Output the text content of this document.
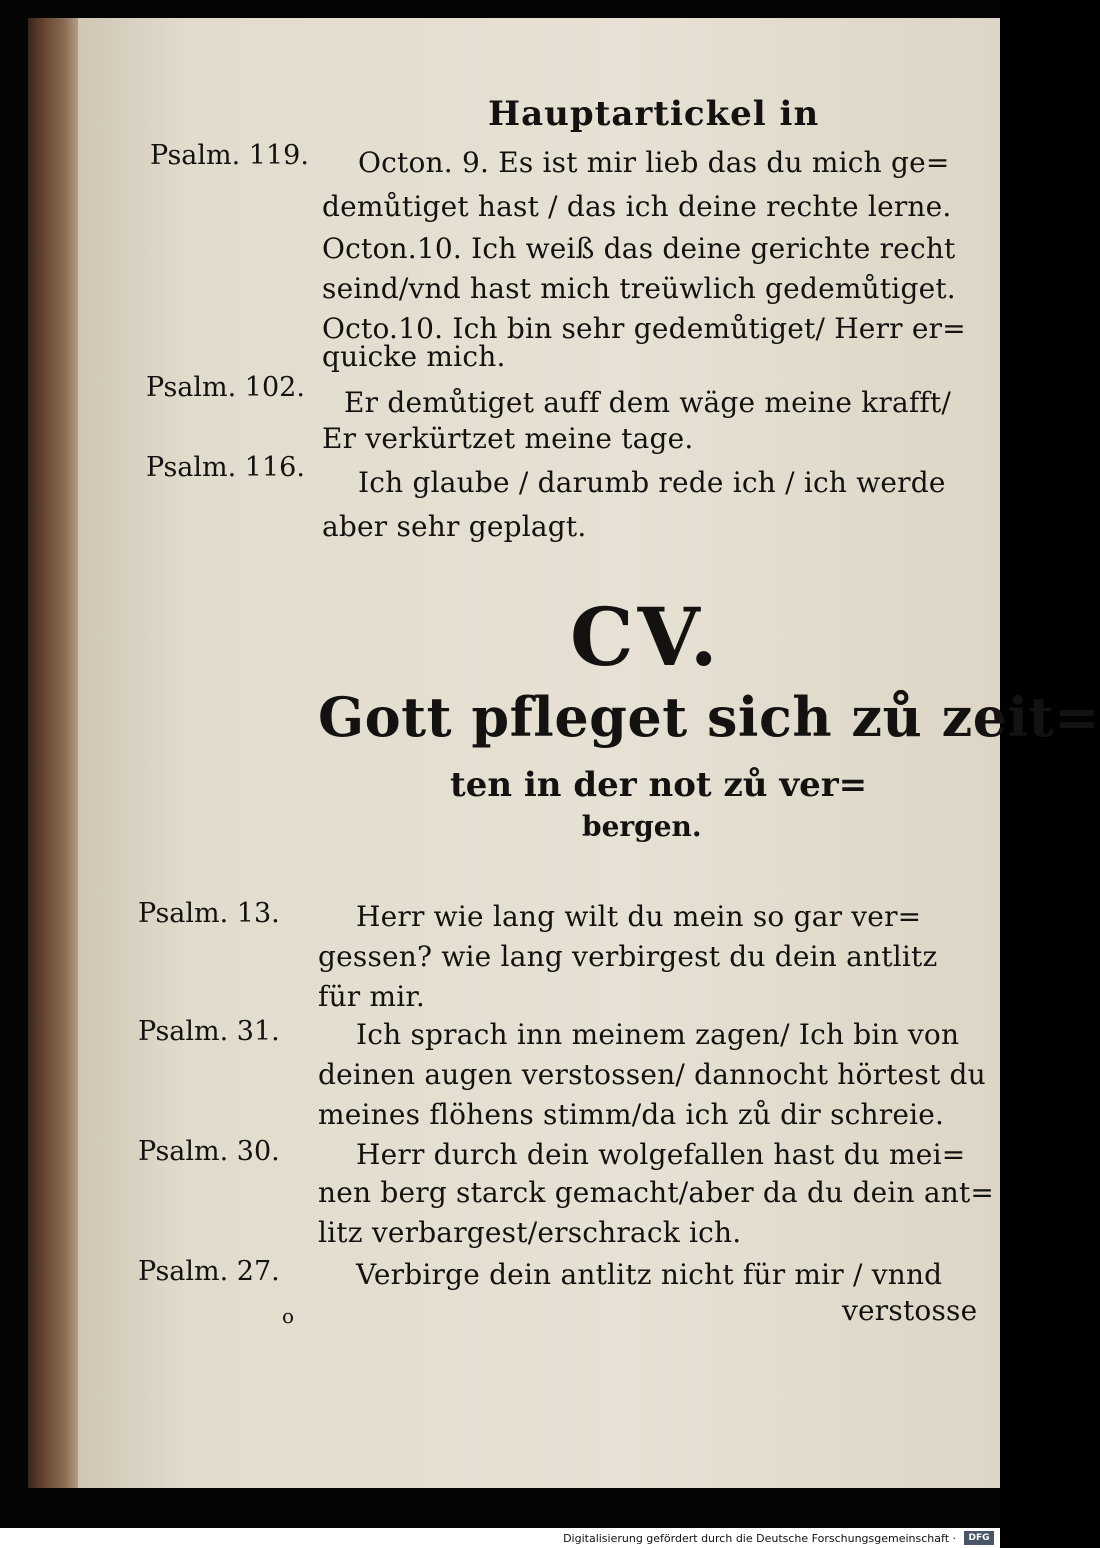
Hauptartickel in
Psalm. 119. Octon. 9. Es ist mir lieb das du mich ge=
demůtiget hast / das ich deine rechte lerne.
Octon.10. Ich weiß das deine gerichte recht
seind/vnd hast mich treüwlich gedemůtiget.
Octo.10. Ich bin sehr gedemůtiget/ Herr er=
quicke mich.
Psalm. 102. Er demůtiget auff dem wäge meine krafft/
Er verkürtzet meine tage.
Psalm. 116. Ich glaube / darumb rede ich / ich werde
aber sehr geplagt.
CV.
Gott pfleget sich zů zeit=
ten in der not zů ver=
bergen.
Psalm. 13.	Herr wie lang wilt du mein so gar ver=
gessen? wie lang verbirgest du dein antlitz
für mir.
Psalm. 31.	Ich sprach inn meinem zagen/ Ich bin von
deinen augen verstossen/ dannocht hörtest du
meines flöhens stimm/da ich zů dir schreie.
Psalm. 30.	Herr durch dein wolgefallen hast du mei=
nen berg starck gemacht/aber da du dein ant=
litz verbargest/erschrack ich.
Psalm. 27.	Verbirge dein antlitz nicht für mir / vnnd
o	verstosse
Digitalisierung gefördert durch die Deutsche Forschungsgemeinschaft ·	DFG
